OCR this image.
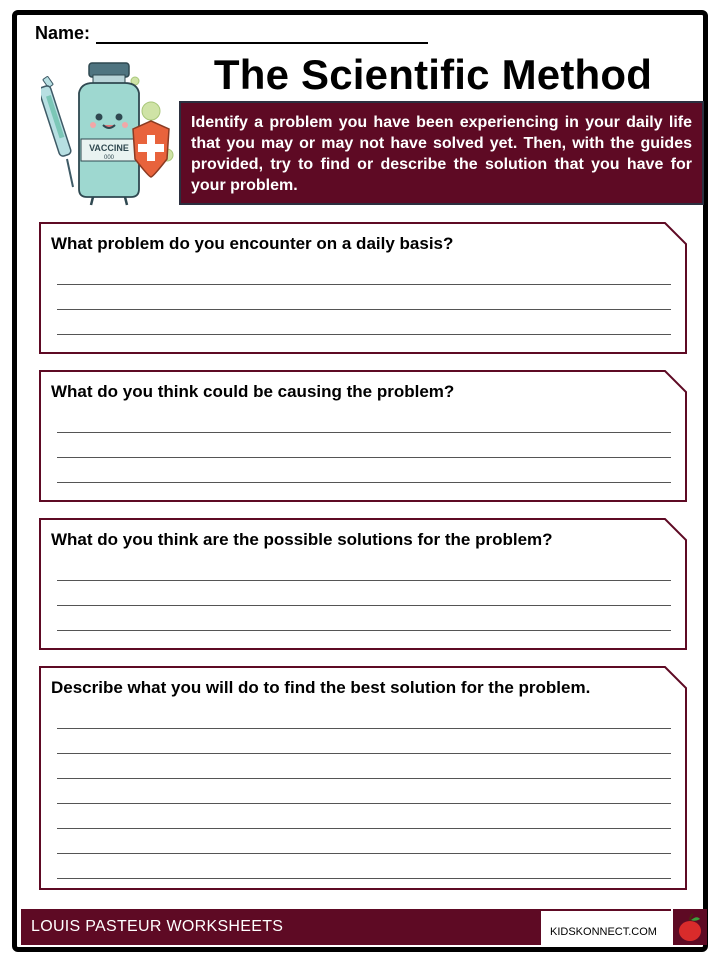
Name:
The Scientific Method
VACCINE
000
Identify a problem you have been experiencing in your daily life that you may or may not have solved yet. Then, with the guides provided, try to find or describe the solution that you have for your problem.
What problem do you encounter on a daily basis?
What do you think could be causing the problem?
What do you think are the possible solutions for the problem?
Describe what you will do to find the best solution for the problem.
LOUIS PASTEUR WORKSHEETS	KIDSKONNECT.COM
